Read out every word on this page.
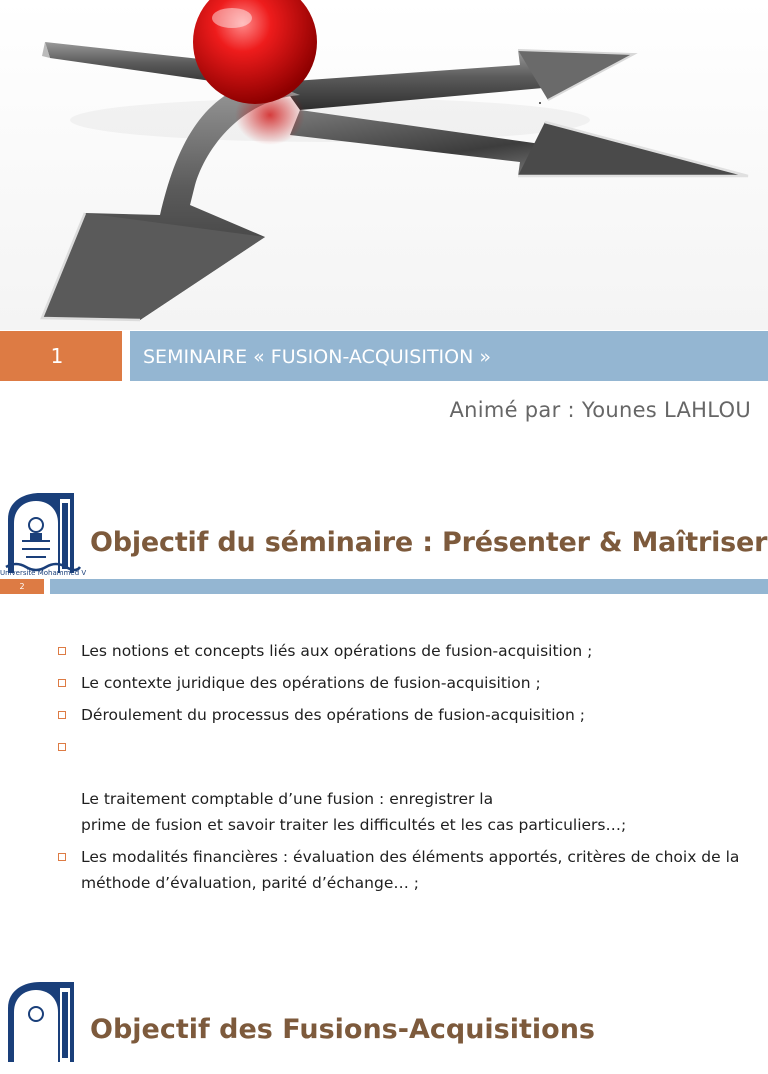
1	SEMINAIRE « FUSION-ACQUISITION »
Animé par : Younes LAHLOU
Université Mohammed V
Objectif du séminaire : Présenter & Maîtriser
2
Les notions et concepts liés aux opérations de fusion-acquisition ;
Le contexte juridique des opérations de fusion-acquisition ;
Déroulement du processus des opérations de fusion-acquisition ;

Le traitement comptable d’une fusion : enregistrer la
prime de fusion et savoir traiter les difficultés et les cas particuliers…;

Les modalités financières : évaluation des éléments apportés, critères de choix de la méthode d’évaluation, parité d’échange… ;
Objectif des Fusions-Acquisitions
